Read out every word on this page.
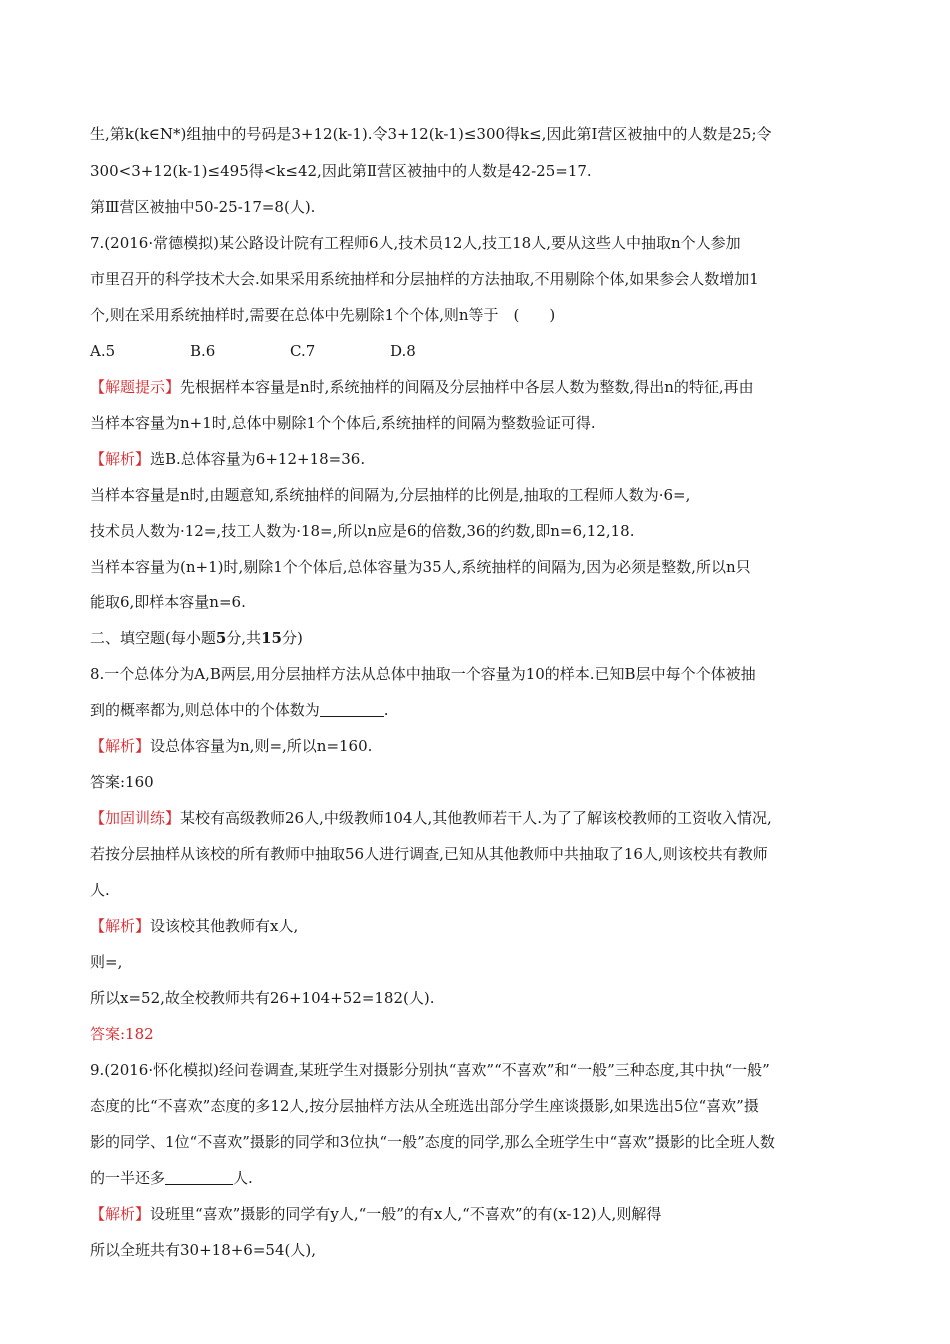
生,第k(k∈N*)组抽中的号码是3+12(k-1).令3+12(k-1)≤300得k≤,因此第Ⅰ营区被抽中的人数是25;令
300<3+12(k-1)≤495得<k≤42,因此第Ⅱ营区被抽中的人数是42-25=17.
第Ⅲ营区被抽中50-25-17=8(人).
7.(2016·常德模拟)某公路设计院有工程师6人,技术员12人,技工18人,要从这些人中抽取n个人参加
市里召开的科学技术大会.如果采用系统抽样和分层抽样的方法抽取,不用剔除个体,如果参会人数增加1
个,则在采用系统抽样时,需要在总体中先剔除1个个体,则n等于　(　　)
A.5	B.6	C.7	D.8
【解题提示】先根据样本容量是n时,系统抽样的间隔及分层抽样中各层人数为整数,得出n的特征,再由
当样本容量为n+1时,总体中剔除1个个体后,系统抽样的间隔为整数验证可得.
【解析】选B.总体容量为6+12+18=36.
当样本容量是n时,由题意知,系统抽样的间隔为,分层抽样的比例是,抽取的工程师人数为·6=,
技术员人数为·12=,技工人数为·18=,所以n应是6的倍数,36的约数,即n=6,12,18.
当样本容量为(n+1)时,剔除1个个体后,总体容量为35人,系统抽样的间隔为,因为必须是整数,所以n只
能取6,即样本容量n=6.
二、填空题(每小题5分,共15分)
8.一个总体分为A,B两层,用分层抽样方法从总体中抽取一个容量为10的样本.已知B层中每个个体被抽
到的概率都为,则总体中的个体数为	.
【解析】设总体容量为n,则=,所以n=160.
答案:160
【加固训练】某校有高级教师26人,中级教师104人,其他教师若干人.为了了解该校教师的工资收入情况,
若按分层抽样从该校的所有教师中抽取56人进行调查,已知从其他教师中共抽取了16人,则该校共有教师
人.
【解析】设该校其他教师有x人,
则=,
所以x=52,故全校教师共有26+104+52=182(人).
答案:182
9.(2016·怀化模拟)经问卷调查,某班学生对摄影分别执“喜欢”“不喜欢”和“一般”三种态度,其中执“一般”
态度的比“不喜欢”态度的多12人,按分层抽样方法从全班选出部分学生座谈摄影,如果选出5位“喜欢”摄
影的同学、1位“不喜欢”摄影的同学和3位执“一般”态度的同学,那么全班学生中“喜欢”摄影的比全班人数
的一半还多	人.
【解析】设班里“喜欢”摄影的同学有y人,“一般”的有x人,“不喜欢”的有(x-12)人,则解得
所以全班共有30+18+6=54(人),
